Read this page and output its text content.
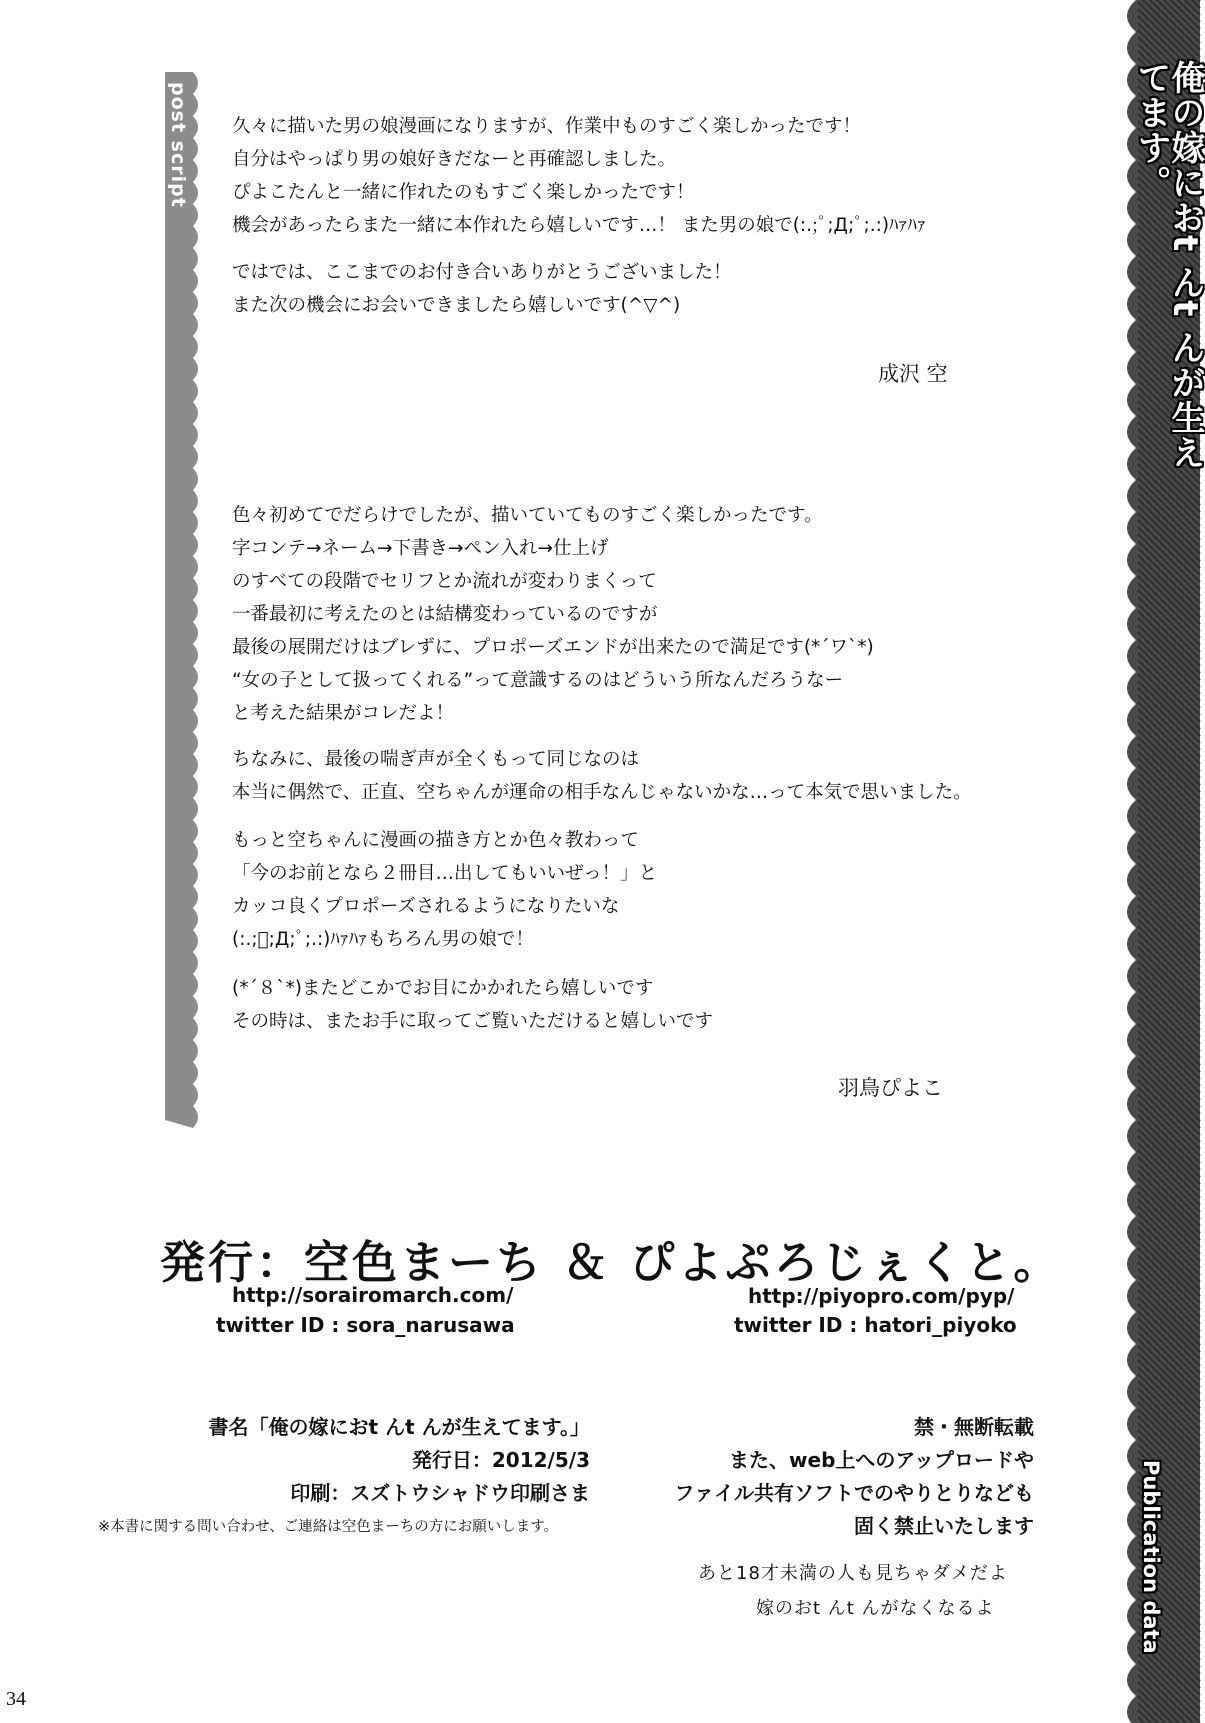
俺の嫁におt んt んが生えてます。
Publication data
post script 久々に描いた男の娘漫画になりますが、作業中ものすごく楽しかったです！
自分はやっぱり男の娘好きだなーと再確認しました。
ぴよこたんと一緒に作れたのもすごく楽しかったです！
機会があったらまた一緒に本作れたら嬉しいです…！ また男の娘で(:.;ﾟ;Д;ﾟ;.:)ﾊｧﾊｧ
ではでは、ここまでのお付き合いありがとうございました！
また次の機会にお会いできましたら嬉しいです(^▽^)
成沢 空
色々初めてでだらけでしたが、描いていてものすごく楽しかったです。
字コンテ→ネーム→下書き→ペン入れ→仕上げ
のすべての段階でセリフとか流れが変わりまくって
一番最初に考えたのとは結構変わっているのですが
最後の展開だけはブレずに、プロポーズエンドが出来たので満足です(*´ワ`*)
“女の子として扱ってくれる”って意識するのはどういう所なんだろうなー
と考えた結果がコレだよ！
ちなみに、最後の喘ぎ声が全くもって同じなのは
本当に偶然で、正直、空ちゃんが運命の相手なんじゃないかな…って本気で思いました。
もっと空ちゃんに漫画の描き方とか色々教わって
「今のお前となら２冊目…出してもいいぜっ！」と
カッコ良くプロポーズされるようになりたいな
(:.;ﾟ;Д;ﾟ;.:)ﾊｧﾊｧもちろん男の娘で！
(*´８`*)またどこかでお目にかかれたら嬉しいです
その時は、またお手に取ってご覧いただけると嬉しいです
羽鳥ぴよこ
発行：空色まーち ＆ ぴよぷろじぇくと。
http://sorairomarch.com/
twitter ID : sora_narusawa
http://piyopro.com/pyp/
twitter ID : hatori_piyoko
書名「俺の嫁におt んt んが生えてます。」
発行日：2012/5/3
印刷：スズトウシャドウ印刷さま
※本書に関する問い合わせ、ご連絡は空色まーちの方にお願いします。
禁・無断転載
また、web上へのアップロードや
ファイル共有ソフトでのやりとりなども
固く禁止いたします
あと18才未満の人も見ちゃダメだよ
嫁のおt んt んがなくなるよ
34
